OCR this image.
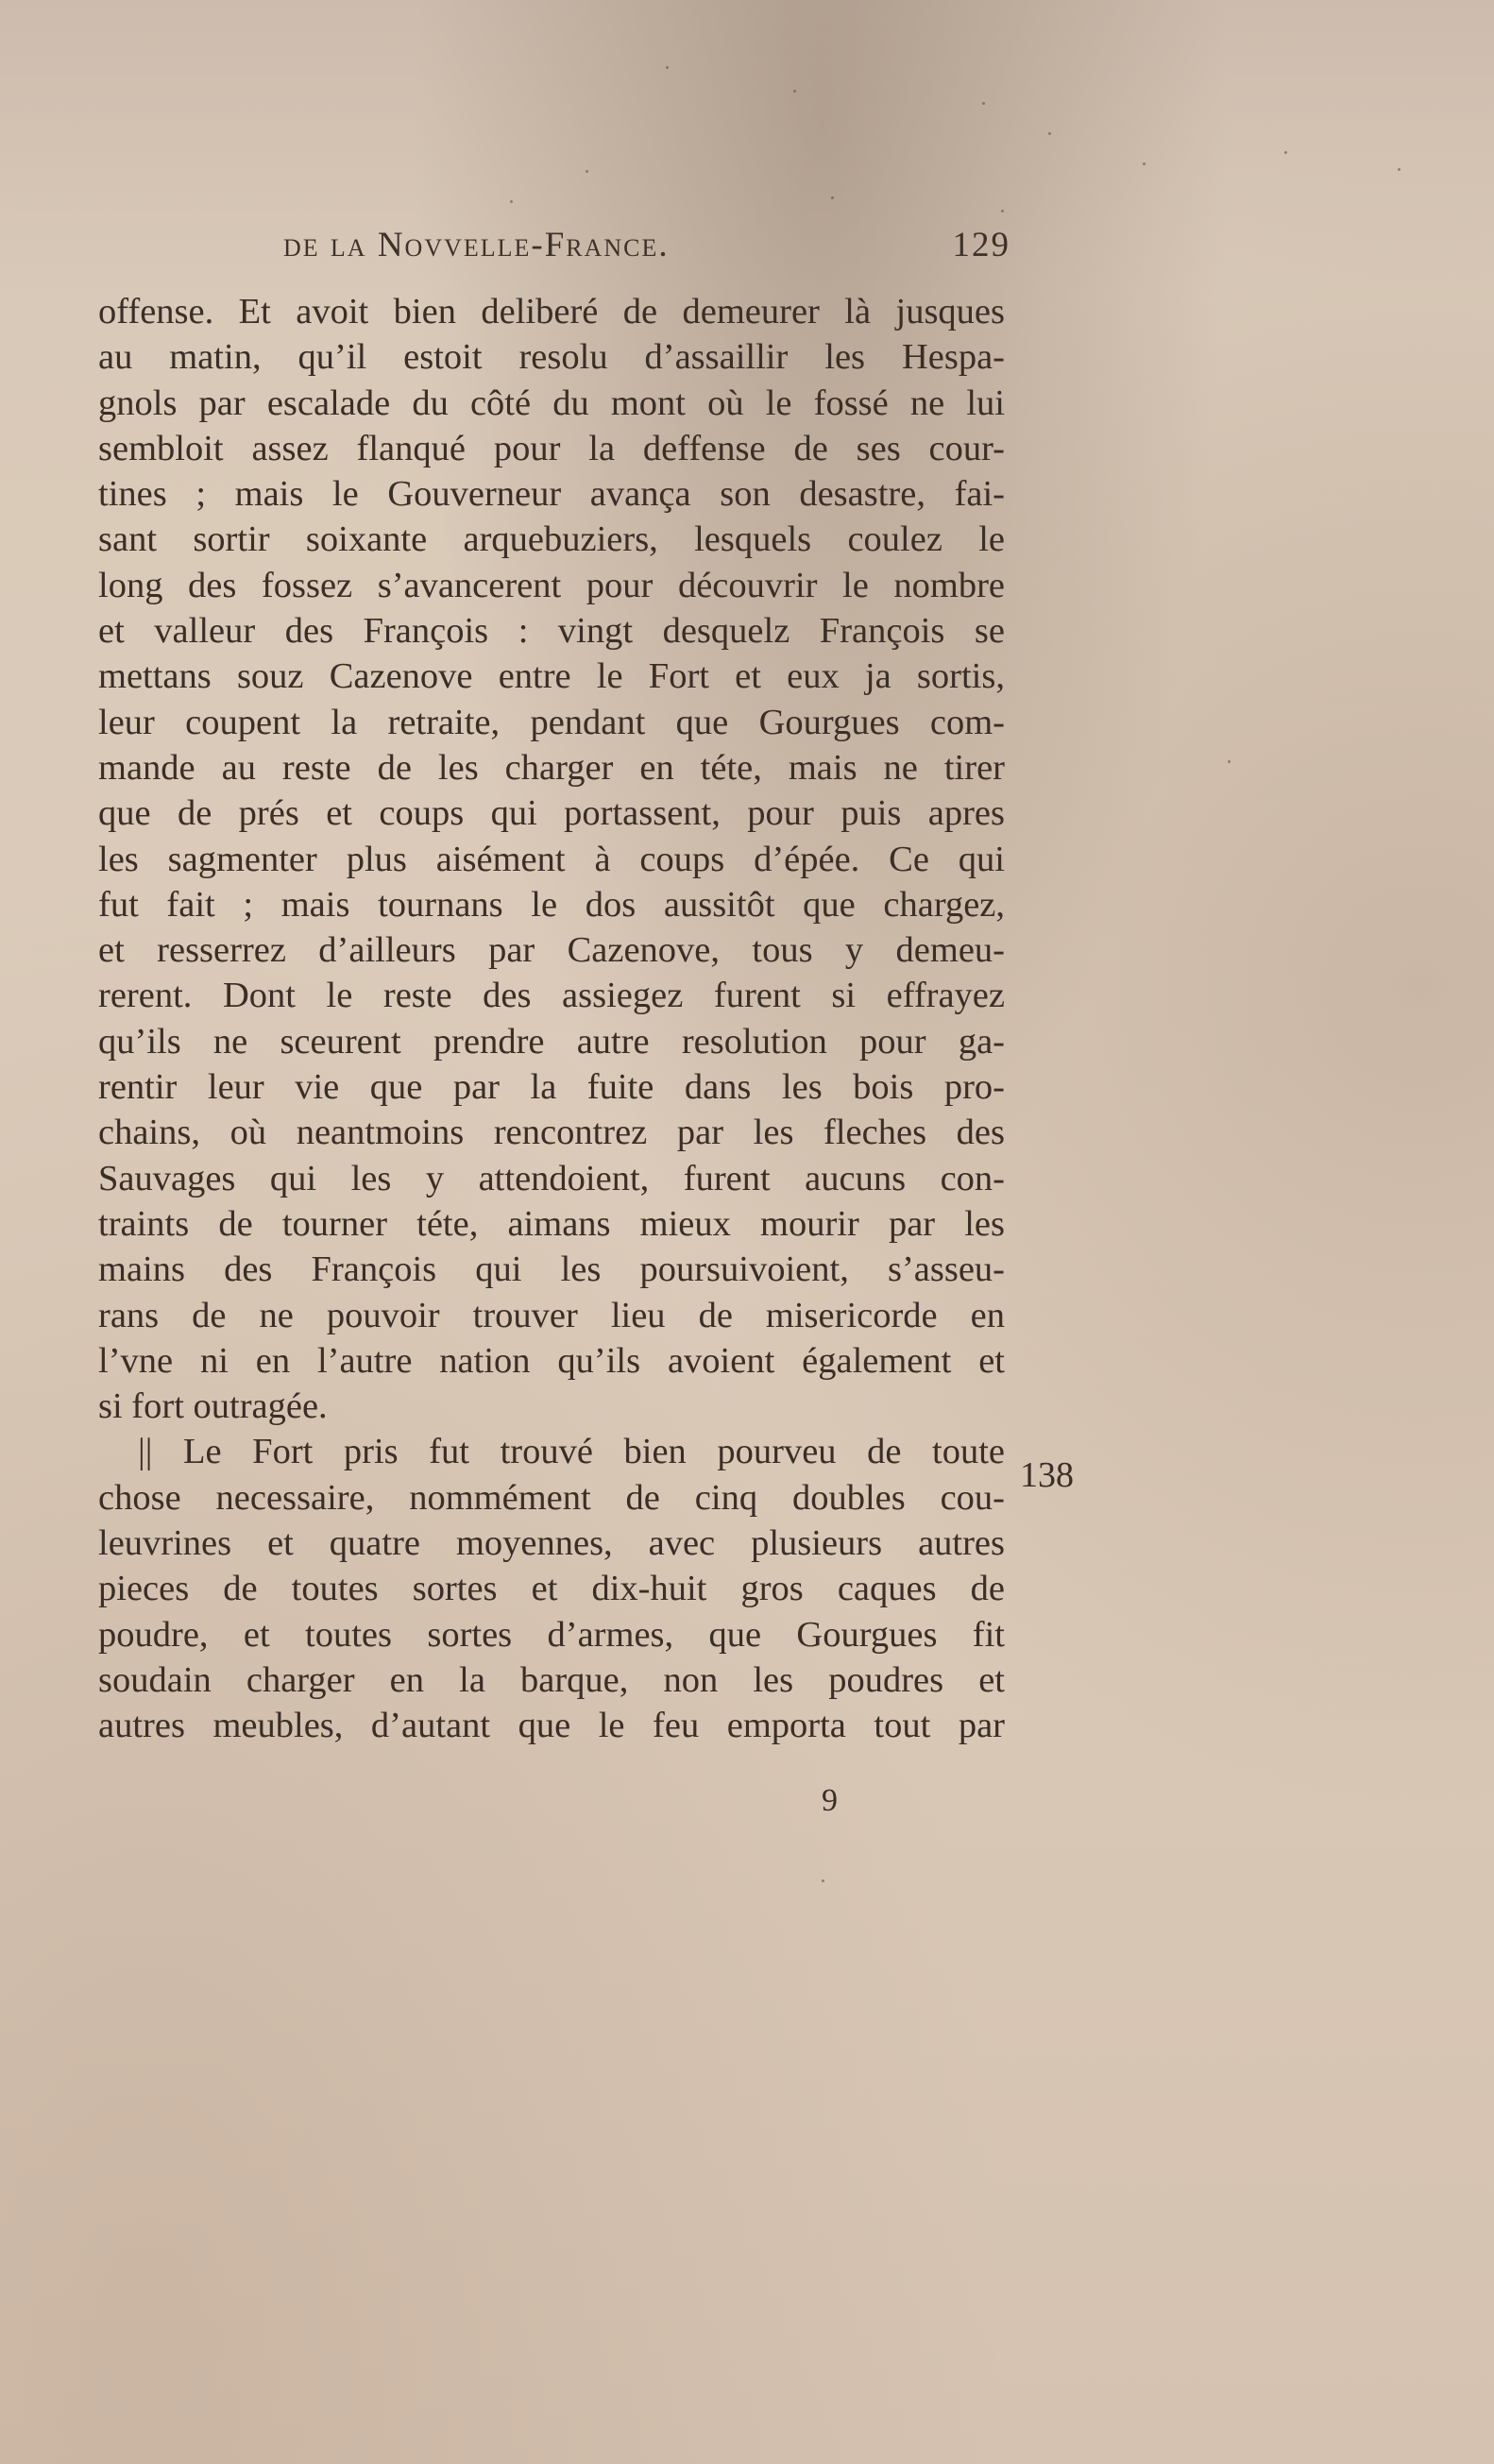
de la Novvelle-France.	129
offense. Et avoit bien deliberé de demeurer là jusques
au matin, qu’il estoit resolu d’assaillir les Hespa-
gnols par escalade du côté du mont où le fossé ne lui
sembloit assez flanqué pour la deffense de ses cour-
tines ; mais le Gouverneur avança son desastre, fai-
sant sortir soixante arquebuziers, lesquels coulez le
long des fossez s’avancerent pour découvrir le nombre
et valleur des François : vingt desquelz François se
mettans souz Cazenove entre le Fort et eux ja sortis,
leur coupent la retraite, pendant que Gourgues com-
mande au reste de les charger en téte, mais ne tirer
que de prés et coups qui portassent, pour puis apres
les sagmenter plus aisément à coups d’épée. Ce qui
fut fait ; mais tournans le dos aussitôt que chargez,
et resserrez d’ailleurs par Cazenove, tous y demeu-
rerent. Dont le reste des assiegez furent si effrayez
qu’ils ne sceurent prendre autre resolution pour ga-
rentir leur vie que par la fuite dans les bois pro-
chains, où neantmoins rencontrez par les fleches des
Sauvages qui les y attendoient, furent aucuns con-
traints de tourner téte, aimans mieux mourir par les
mains des François qui les poursuivoient, s’asseu-
rans de ne pouvoir trouver lieu de misericorde en
l’vne ni en l’autre nation qu’ils avoient également et
si fort outragée.
|| Le Fort pris fut trouvé bien pourveu de toute
chose necessaire, nommément de cinq doubles cou-
leuvrines et quatre moyennes, avec plusieurs autres
pieces de toutes sortes et dix-huit gros caques de
poudre, et toutes sortes d’armes, que Gourgues fit
soudain charger en la barque, non les poudres et
autres meubles, d’autant que le feu emporta tout par
138
9
